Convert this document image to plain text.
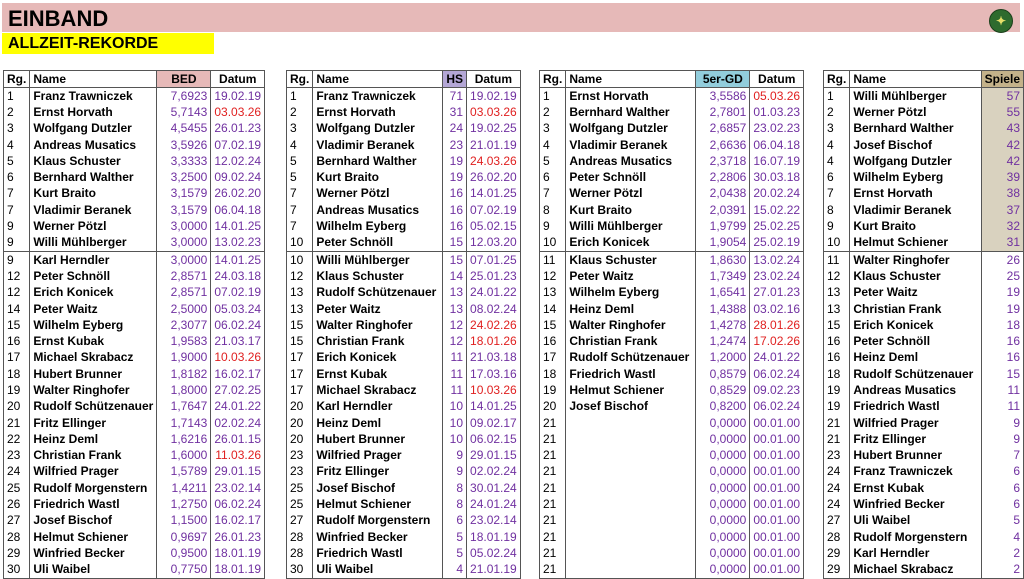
EINBAND	✦
ALLZEIT-REKORDE
Rg.	Name	BED	Datum
1	Franz Trawniczek	7,6923	19.02.19
2	Ernst Horvath	5,7143	03.03.26
3	Wolfgang Dutzler	4,5455	26.01.23
4	Andreas Musatics	3,5926	07.02.19
5	Klaus Schuster	3,3333	12.02.24
6	Bernhard Walther	3,2500	09.02.24
7	Kurt Braito	3,1579	26.02.20
7	Vladimir Beranek	3,1579	06.04.18
9	Werner Pötzl	3,0000	14.01.25
9	Willi Mühlberger	3,0000	13.02.23
9	Karl Herndler	3,0000	14.01.25
12	Peter Schnöll	2,8571	24.03.18
12	Erich Konicek	2,8571	07.02.19
14	Peter Waitz	2,5000	05.03.24
15	Wilhelm Eyberg	2,3077	06.02.24
16	Ernst Kubak	1,9583	21.03.17
17	Michael Skrabacz	1,9000	10.03.26
18	Hubert Brunner	1,8182	16.02.17
19	Walter Ringhofer	1,8000	27.02.25
20	Rudolf Schützenauer	1,7647	24.01.22
21	Fritz Ellinger	1,7143	02.02.24
22	Heinz Deml	1,6216	26.01.15
23	Christian Frank	1,6000	11.03.26
24	Wilfried Prager	1,5789	29.01.15
25	Rudolf Morgenstern	1,4211	23.02.14
26	Friedrich Wastl	1,2750	06.02.24
27	Josef Bischof	1,1500	16.02.17
28	Helmut Schiener	0,9697	26.01.23
29	Winfried Becker	0,9500	18.01.19
30	Uli Waibel	0,7750	18.01.19
Rg.	Name	HS	Datum
1	Franz Trawniczek	71	19.02.19
2	Ernst Horvath	31	03.03.26
3	Wolfgang Dutzler	24	19.02.25
4	Vladimir Beranek	23	21.01.19
5	Bernhard Walther	19	24.03.26
5	Kurt Braito	19	26.02.20
7	Werner Pötzl	16	14.01.25
7	Andreas Musatics	16	07.02.19
7	Wilhelm Eyberg	16	05.02.15
10	Peter Schnöll	15	12.03.20
10	Willi Mühlberger	15	07.01.25
12	Klaus Schuster	14	25.01.23
13	Rudolf Schützenauer	13	24.01.22
13	Peter Waitz	13	08.02.24
15	Walter Ringhofer	12	24.02.26
15	Christian Frank	12	18.01.26
17	Erich Konicek	11	21.03.18
17	Ernst Kubak	11	17.03.16
17	Michael Skrabacz	11	10.03.26
20	Karl Herndler	10	14.01.25
20	Heinz Deml	10	09.02.17
20	Hubert Brunner	10	06.02.15
23	Wilfried Prager	9	29.01.15
23	Fritz Ellinger	9	02.02.24
25	Josef Bischof	8	30.01.24
25	Helmut Schiener	8	24.01.24
27	Rudolf Morgenstern	6	23.02.14
28	Winfried Becker	5	18.01.19
28	Friedrich Wastl	5	05.02.24
30	Uli Waibel	4	21.01.19
Rg.	Name	5er-GD	Datum
1	Ernst Horvath	3,5586	05.03.26
2	Bernhard Walther	2,7801	01.03.23
3	Wolfgang Dutzler	2,6857	23.02.23
4	Vladimir Beranek	2,6636	06.04.18
5	Andreas Musatics	2,3718	16.07.19
6	Peter Schnöll	2,2806	30.03.18
7	Werner Pötzl	2,0438	20.02.24
8	Kurt Braito	2,0391	15.02.22
9	Willi Mühlberger	1,9799	25.02.25
10	Erich Konicek	1,9054	25.02.19
11	Klaus Schuster	1,8630	13.02.24
12	Peter Waitz	1,7349	23.02.24
13	Wilhelm Eyberg	1,6541	27.01.23
14	Heinz Deml	1,4388	03.02.16
15	Walter Ringhofer	1,4278	28.01.26
16	Christian Frank	1,2474	17.02.26
17	Rudolf Schützenauer	1,2000	24.01.22
18	Friedrich Wastl	0,8579	06.02.24
19	Helmut Schiener	0,8529	09.02.23
20	Josef Bischof	0,8200	06.02.24
21		0,0000	00.01.00
21		0,0000	00.01.00
21		0,0000	00.01.00
21		0,0000	00.01.00
21		0,0000	00.01.00
21		0,0000	00.01.00
21		0,0000	00.01.00
21		0,0000	00.01.00
21		0,0000	00.01.00
21		0,0000	00.01.00
Rg.	Name	Spiele
1	Willi Mühlberger	57
2	Werner Pötzl	55
3	Bernhard Walther	43
4	Josef Bischof	42
4	Wolfgang Dutzler	42
6	Wilhelm Eyberg	39
7	Ernst Horvath	38
8	Vladimir Beranek	37
9	Kurt Braito	32
10	Helmut Schiener	31
11	Walter Ringhofer	26
12	Klaus Schuster	25
13	Peter Waitz	19
13	Christian Frank	19
15	Erich Konicek	18
16	Peter Schnöll	16
16	Heinz Deml	16
18	Rudolf Schützenauer	15
19	Andreas Musatics	11
19	Friedrich Wastl	11
21	Wilfried Prager	9
21	Fritz Ellinger	9
23	Hubert Brunner	7
24	Franz Trawniczek	6
24	Ernst Kubak	6
24	Winfried Becker	6
27	Uli Waibel	5
28	Rudolf Morgenstern	4
29	Karl Herndler	2
29	Michael Skrabacz	2
